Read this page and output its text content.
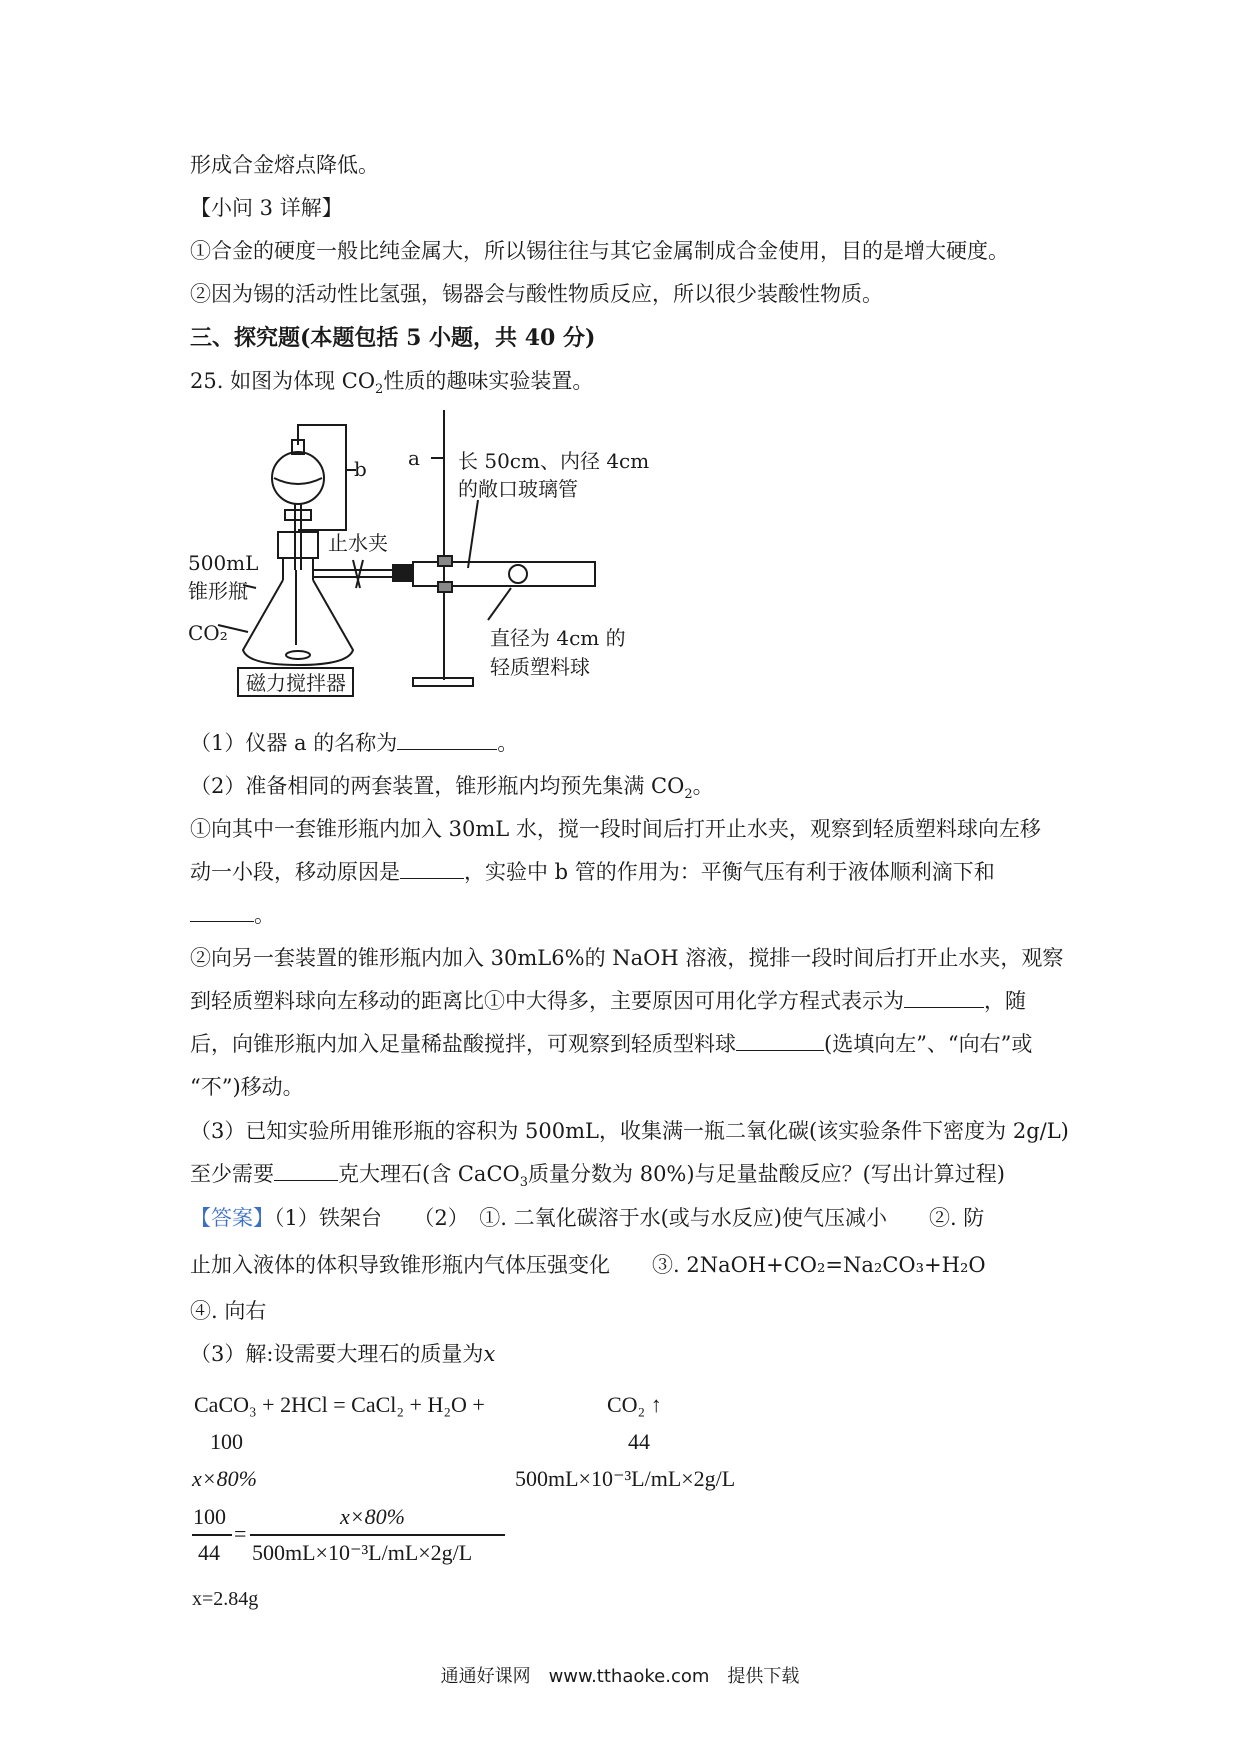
形成合金熔点降低。
【小问 3 详解】
①合金的硬度一般比纯金属大，所以锡往往与其它金属制成合金使用，目的是增大硬度。
②因为锡的活动性比氢强，锡器会与酸性物质反应，所以很少装酸性物质。
三、探究题(本题包括 5 小题，共 40 分)
25. 如图为体现 $CO_2$性质的趣味实验装置。
b a 长 50cm、内径 4cm
的敞口玻璃管
止水夹
500mL
锥形瓶
CO₂
磁力搅拌器
直径为 4cm 的
轻质塑料球
（1）仪器 a 的名称为	。
（2）准备相同的两套装置，锥形瓶内均预先集满 $CO_2$。
①向其中一套锥形瓶内加入 30mL 水，搅一段时间后打开止水夹，观察到轻质塑料球向左移
动一小段，移动原因是	，实验中 b 管的作用为：平衡气压有利于液体顺利滴下和
。
②向另一套装置的锥形瓶内加入 30mL6%的 NaOH 溶液，搅排一段时间后打开止水夹，观察
到轻质塑料球向左移动的距离比①中大得多，主要原因可用化学方程式表示为	，随
后，向锥形瓶内加入足量稀盐酸搅拌，可观察到轻质型料球	(选填向左”、“向右”或
“不”)移动。
（3）已知实验所用锥形瓶的容积为 500mL，收集满一瓶二氧化碳(该实验条件下密度为 2g/L)
至少需要	克大理石(含 CaCO$_3$质量分数为 80%)与足量盐酸反应？(写出计算过程)
【答案】（1）铁架台　　（2）　①. 二氧化碳溶于水(或与水反应)使气压减小　　②. 防
止加入液体的体积导致锥形瓶内气体压强变化　　③. 2NaOH+CO₂=Na₂CO₃+H₂O
④. 向右
（3）解:设需要大理石的质量为x
CaCO₃ + 2HCl = CaCl₂ + H₂O +	CO₂ ↑
100	44
x×80%	500mL×10⁻³L/mL×2g/L
100
44
=
x×80%
500mL×10⁻³L/mL×2g/L
x=2.84g
通通好课网　www.tthaoke.com　提供下载
